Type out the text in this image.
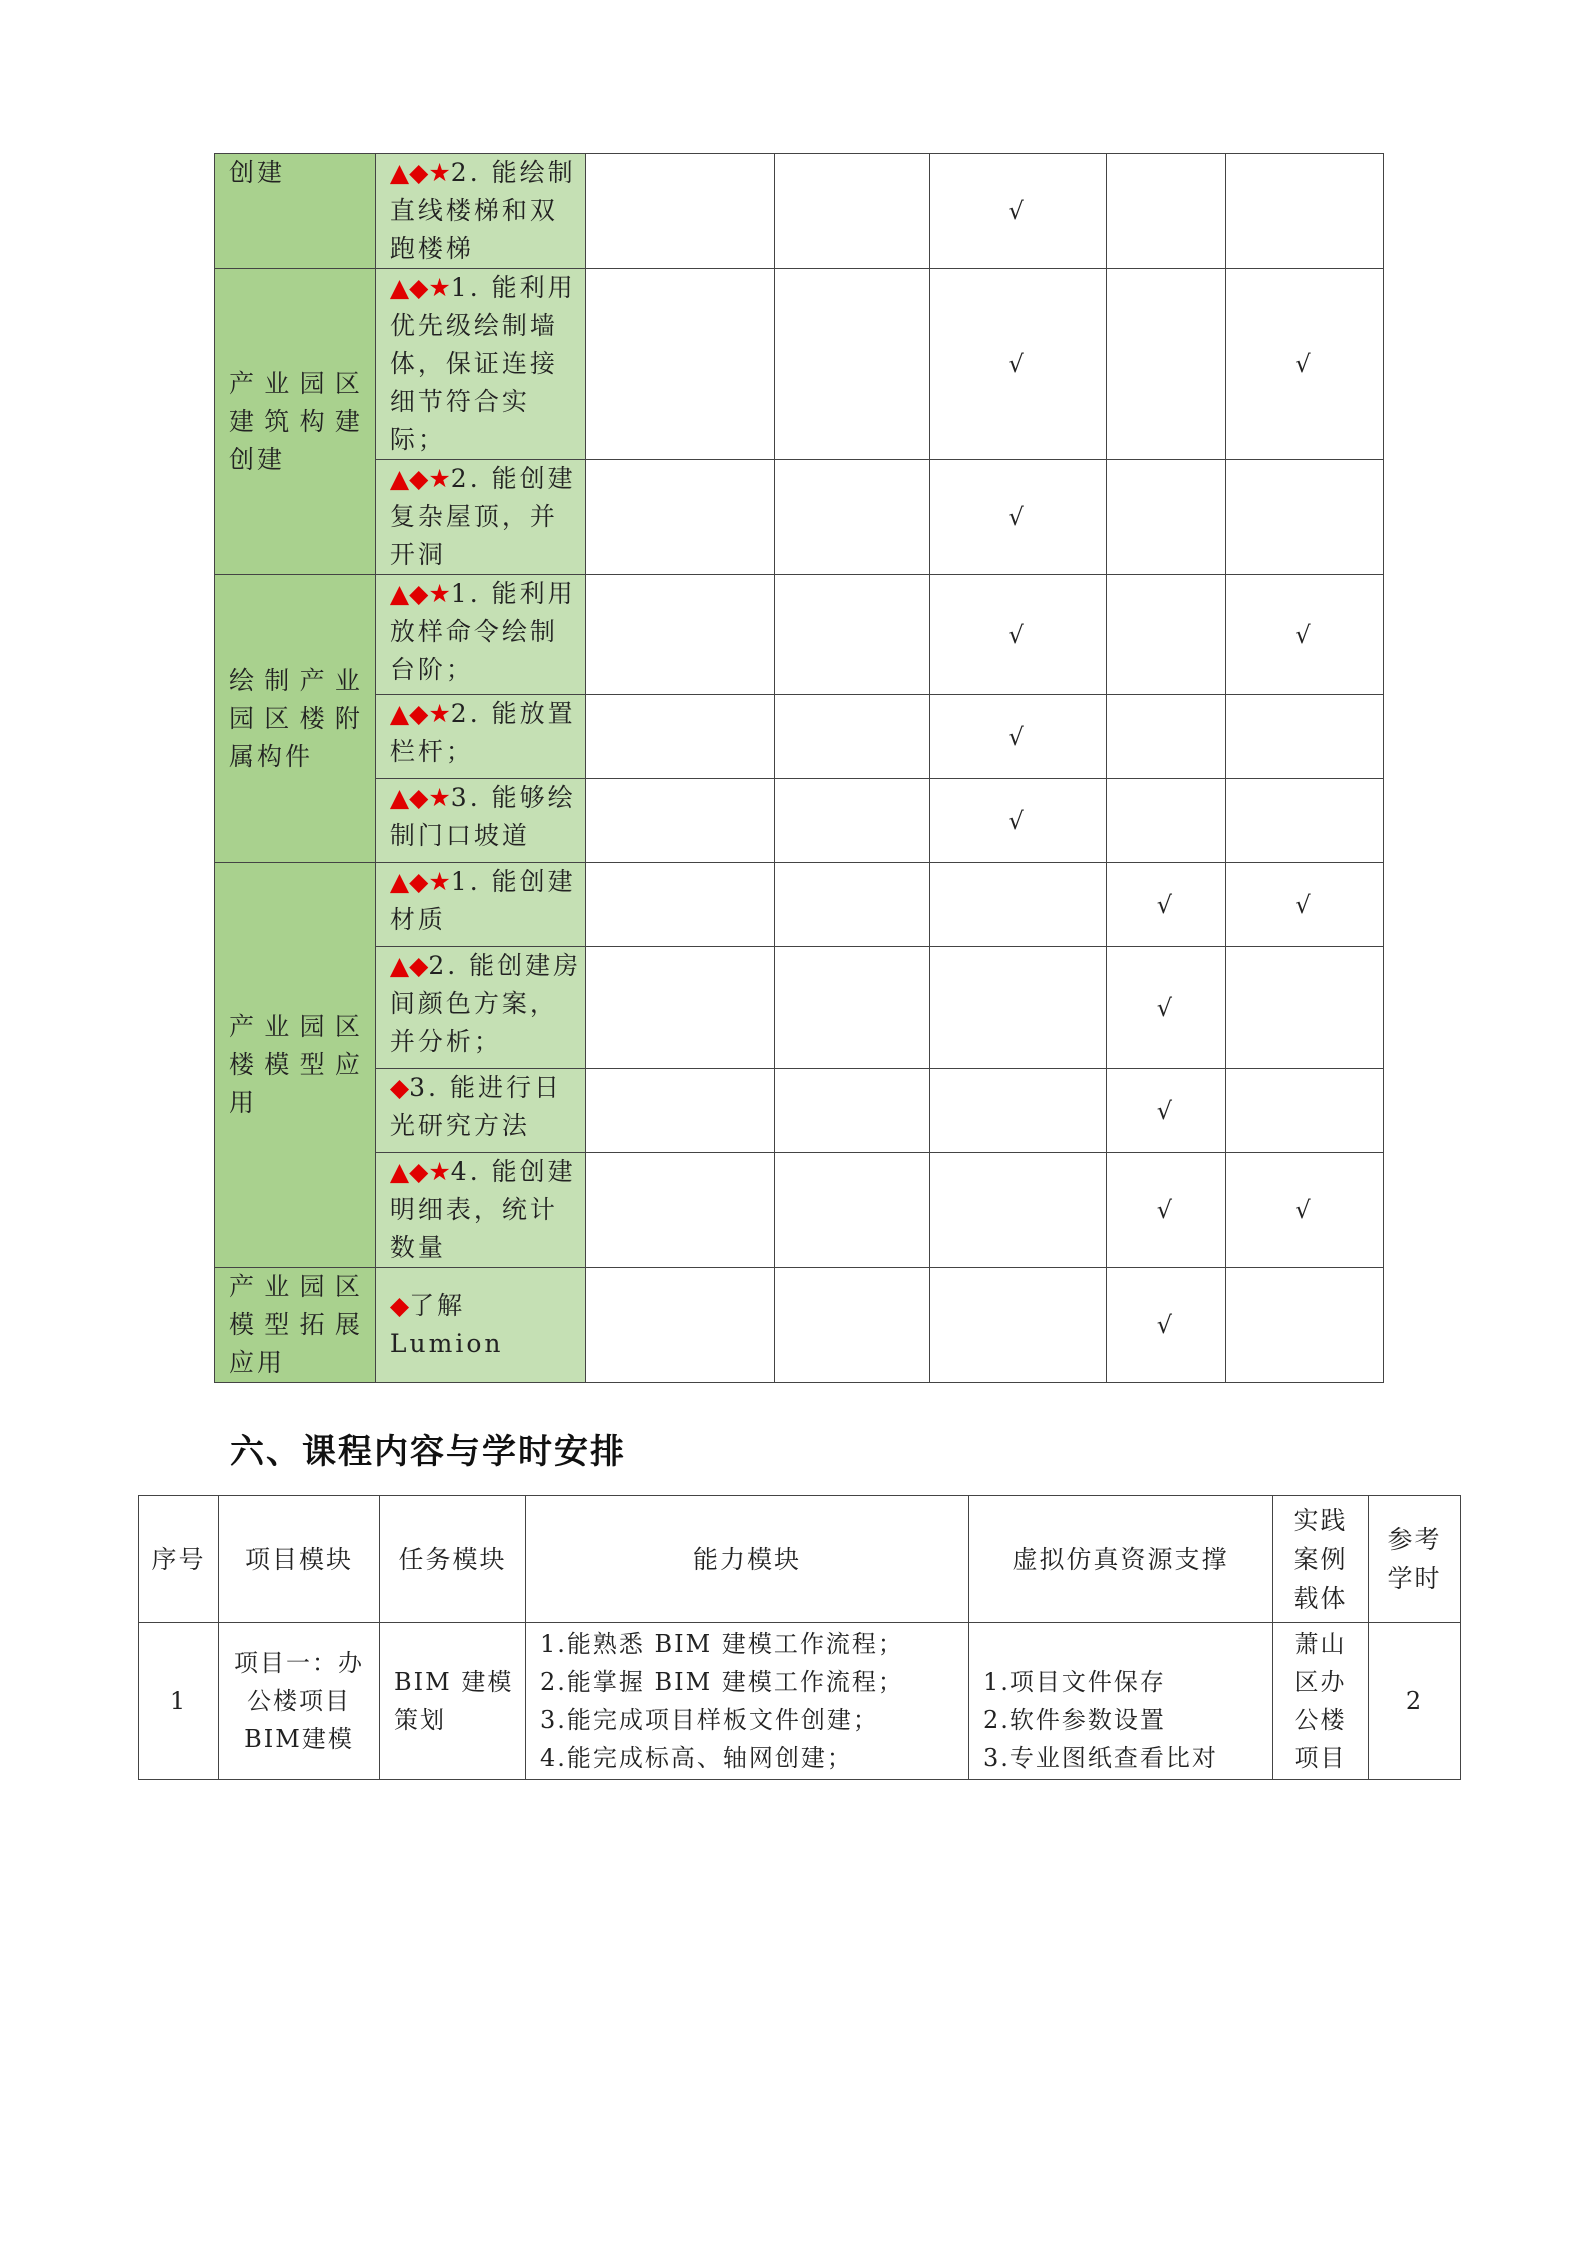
创建	▲◆★2. 能绘制直线楼梯和双跑楼梯			√		
产业园区建筑构建创建	▲◆★1. 能利用优先级绘制墙体，保证连接细节符合实际；			√		√
	▲◆★2. 能创建复杂屋顶，并开洞			√		
绘制产业园区楼附属构件	▲◆★1. 能利用放样命令绘制台阶；			√		√
	▲◆★2. 能放置栏杆；			√		
	▲◆★3. 能够绘制门口坡道			√		
产业园区楼模型应用	▲◆★1. 能创建材质				√	√
	▲◆2. 能创建房间颜色方案，并分析；				√	
	◆3. 能进行日光研究方法				√	
	▲◆★4. 能创建明细表，统计数量				√	√
产业园区模型拓展应用	◆了解 Lumion				√	
六、课程内容与学时安排
序号	项目模块	任务模块	能力模块	虚拟仿真资源支撑	实践案例载体	参考学时
1	项目一：办公楼项目BIM建模	BIM 建模策划	1.能熟悉 BIM 建模工作流程；
2.能掌握 BIM 建模工作流程；
3.能完成项目样板文件创建；
4.能完成标高、轴网创建；	1.项目文件保存
2.软件参数设置
3.专业图纸查看比对	萧山区办公楼项目	2
